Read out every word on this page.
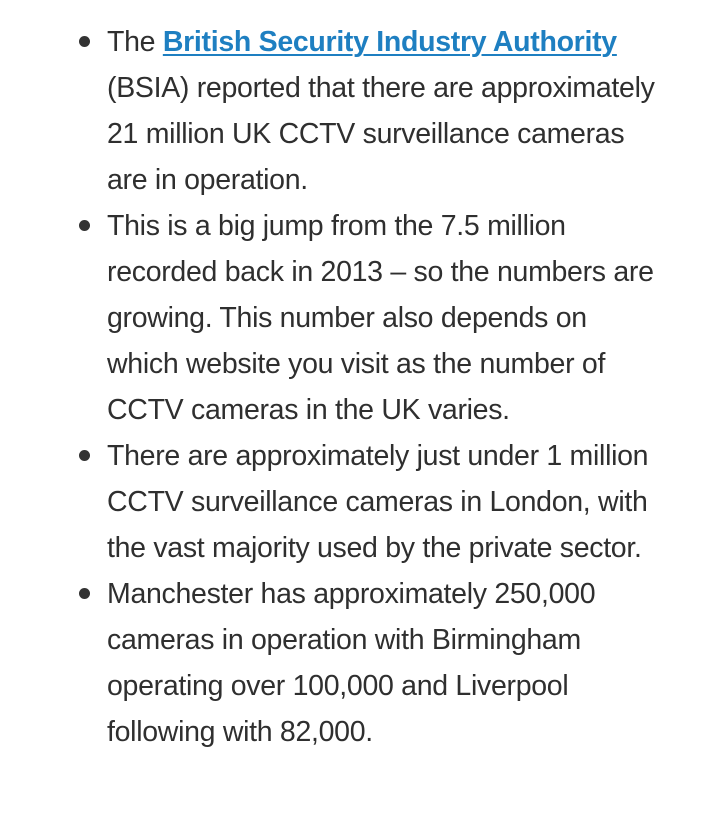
The British Security Industry Authority (BSIA) reported that there are approximately 21 million UK CCTV surveillance cameras are in operation.
This is a big jump from the 7.5 million recorded back in 2013 – so the numbers are growing. This number also depends on which website you visit as the number of CCTV cameras in the UK varies.
There are approximately just under 1 million CCTV surveillance cameras in London, with the vast majority used by the private sector.
Manchester has approximately 250,000 cameras in operation with Birmingham operating over 100,000 and Liverpool following with 82,000.
